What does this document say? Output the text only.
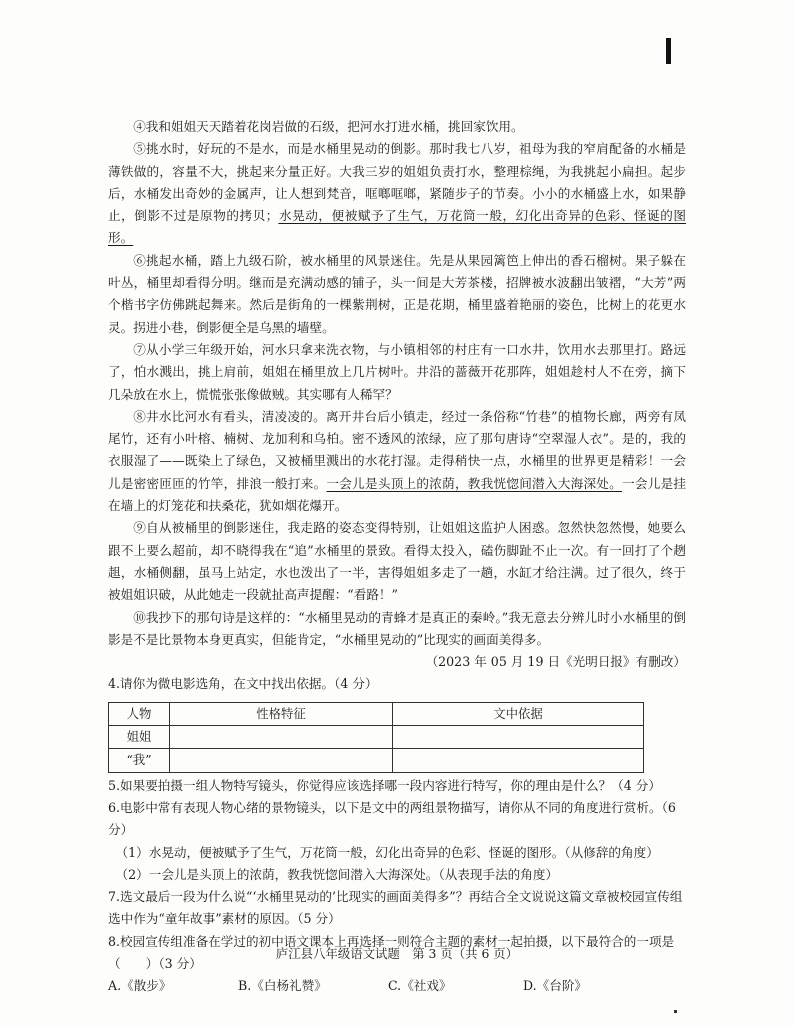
④我和姐姐天天踏着花岗岩做的石级，把河水打进水桶，挑回家饮用。

⑤挑水时，好玩的不是水，而是水桶里晃动的倒影。那时我七八岁，祖母为我的窄肩配备的水桶是薄铁做的，容量不大，挑起来分量正好。大我三岁的姐姐负责打水，整理棕绳，为我挑起小扁担。起步后，水桶发出奇妙的金属声，让人想到梵音，哐啷哐啷，紧随步子的节奏。小小的水桶盛上水，如果静止，倒影不过是原物的拷贝；水晃动，便被赋予了生气，万花筒一般，幻化出奇异的色彩、怪诞的图形。

⑥挑起水桶，踏上九级石阶，被水桶里的风景迷住。先是从果园篱笆上伸出的香石榴树。果子躲在叶丛，桶里却看得分明。继而是充满动感的铺子，头一间是大芳茶楼，招牌被水波翻出皱褶，“大芳”两个楷书字仿佛跳起舞来。然后是街角的一棵紫荆树，正是花期，桶里盛着艳丽的姿色，比树上的花更水灵。拐进小巷，倒影便全是乌黑的墙壁。

⑦从小学三年级开始，河水只拿来洗衣物，与小镇相邻的村庄有一口水井，饮用水去那里打。路远了，怕水溅出，挑上肩前，姐姐在桶里放上几片树叶。井沿的蔷薇开花那阵，姐姐趁村人不在旁，摘下几朵放在水上，慌慌张张像做贼。其实哪有人稀罕？

⑧井水比河水有看头，清凌凌的。离开井台后小镇走，经过一条俗称“竹巷”的植物长廊，两旁有凤尾竹，还有小叶榕、楠树、龙加利和乌柏。密不透风的浓绿，应了那句唐诗“空翠湿人衣”。是的，我的衣服湿了——既染上了绿色，又被桶里溅出的水花打湿。走得稍快一点，水桶里的世界更是精彩！一会儿是密密匝匝的竹竿，排浪一般打来。一会儿是头顶上的浓荫，教我恍惚间潜入大海深处。一会儿是挂在墙上的灯笼花和扶桑花，犹如烟花爆开。

⑨自从被桶里的倒影迷住，我走路的姿态变得特别，让姐姐这监护人困惑。忽然快忽然慢，她要么跟不上要么超前，却不晓得我在“追”水桶里的景致。看得太投入，磕伤脚趾不止一次。有一回打了个趔趄，水桶侧翻，虽马上站定，水也泼出了一半，害得姐姐多走了一趟，水缸才给注满。过了很久，终于被姐姐识破，从此她走一段就扯高声提醒：“看路！”

⑩我抄下的那句诗是这样的：“水桶里晃动的青蜂才是真正的秦岭。”我无意去分辨儿时小水桶里的倒影是不是比景物本身更真实，但能肯定，“水桶里晃动的”比现实的画面美得多。

（2023 年 05 月 19 日《光明日报》有删改）

4.请你为微电影选角，在文中找出依据。（4 分）

人物	性格特征	文中依据
姐姐		
“我”		

5.如果要拍摄一组人物特写镜头，你觉得应该选择哪一段内容进行特写，你的理由是什么？（4 分）

6.电影中常有表现人物心绪的景物镜头，以下是文中的两组景物描写，请你从不同的角度进行赏析。（6 分）

（1）水晃动，便被赋予了生气，万花筒一般，幻化出奇异的色彩、怪诞的图形。（从修辞的角度）

（2）一会儿是头顶上的浓荫，教我恍惚间潜入大海深处。（从表现手法的角度）

7.选文最后一段为什么说“‘水桶里晃动的’比现实的画面美得多”？再结合全文说说这篇文章被校园宣传组选中作为“童年故事”素材的原因。（5 分）

8.校园宣传组准备在学过的初中语文课本上再选择一则符合主题的素材一起拍摄，以下最符合的一项是（　　）（3 分）

A.《散步》	B.《白杨礼赞》	C.《社戏》	D.《台阶》

庐江县八年级语文试题　第 3 页（共 6 页）
